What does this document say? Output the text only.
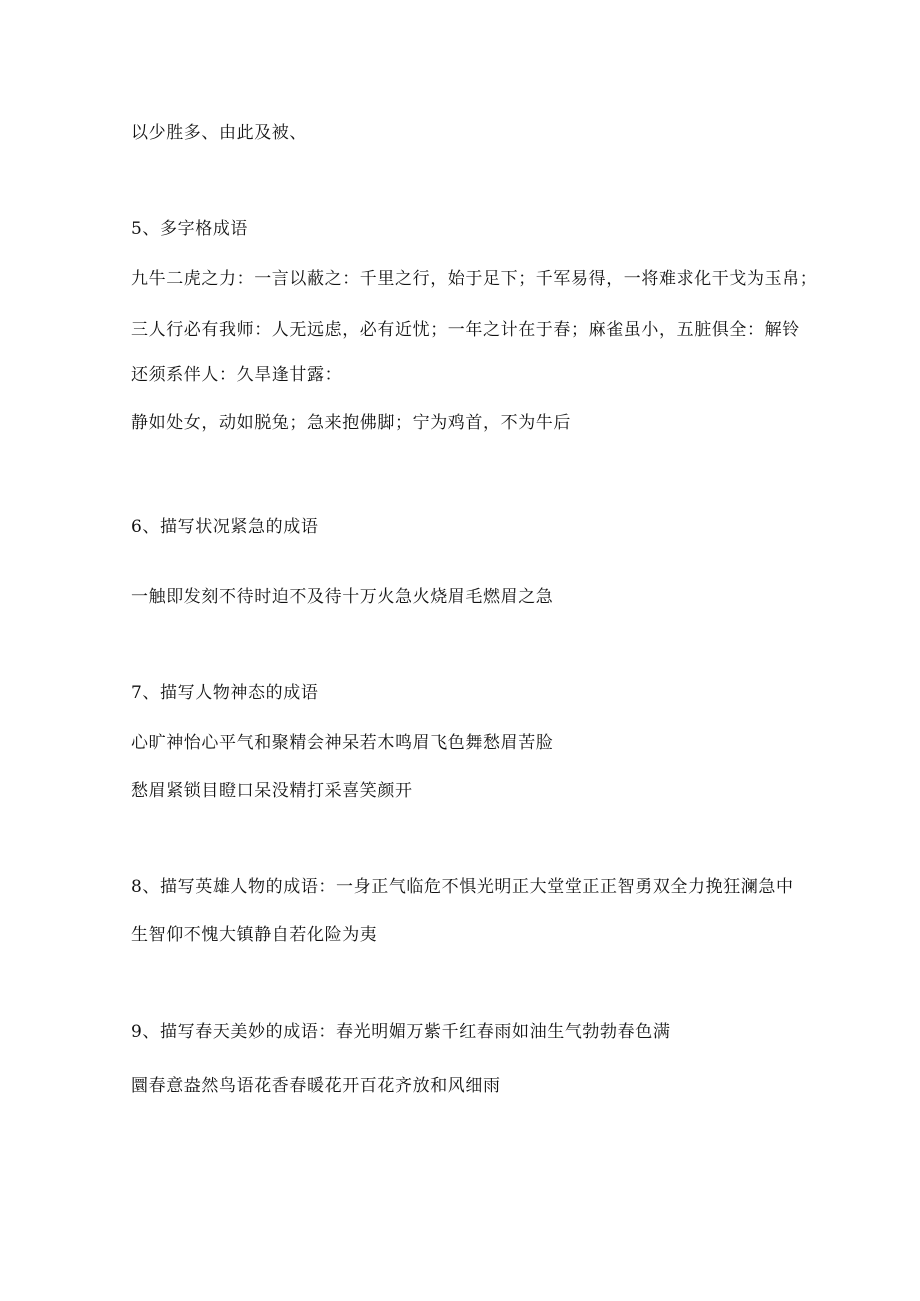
以少胜多、由此及被、
5、多字格成语
九牛二虎之力：一言以蔽之：千里之行，始于足下；千军易得，一将难求化干戈为玉帛；
三人行必有我师：人无远虑，必有近忧；一年之计在于春；麻雀虽小，五脏俱全：解铃
还须系伴人：久旱逢甘露：
静如处女，动如脱兔；急来抱佛脚；宁为鸡首，不为牛后
6、描写状况紧急的成语
一触即发刻不待时迫不及待十万火急火烧眉毛燃眉之急
7、描写人物神态的成语
心旷神怡心平气和聚精会神呆若木鸣眉飞色舞愁眉苦脸
愁眉紧锁目瞪口呆没精打采喜笑颜开
8、描写英雄人物的成语：一身正气临危不惧光明正大堂堂正正智勇双全力挽狂澜急中
生智仰不愧大镇静自若化险为夷
9、描写春天美妙的成语：春光明媚万紫千红春雨如油生气勃勃春色满
圜春意盎然鸟语花香春暖花开百花齐放和风细雨
